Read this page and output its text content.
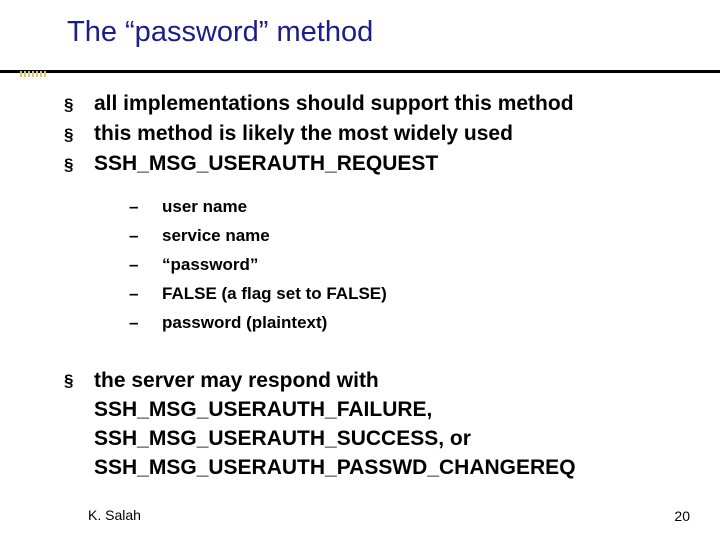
The “password” method
§ all implementations should support this method
§ this method is likely the most widely used
§ SSH_MSG_USERAUTH_REQUEST
– user name
– service name
– “password”
– FALSE (a flag set to FALSE)
– password (plaintext)
§ the server may respond with
SSH_MSG_USERAUTH_FAILURE,
SSH_MSG_USERAUTH_SUCCESS, or
SSH_MSG_USERAUTH_PASSWD_CHANGEREQ
K. Salah	20
